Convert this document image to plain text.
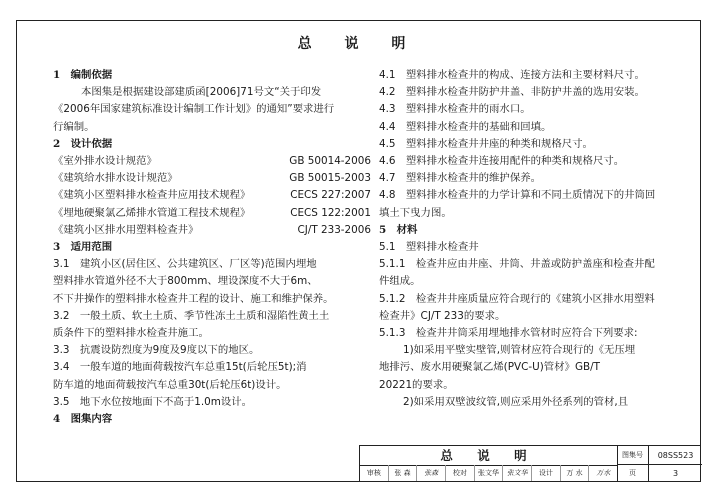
总 说 明
1　编制依据
本图集是根据建设部建质函[2006]71号文“关于印发
《2006年国家建筑标准设计编制工作计划》的通知”要求进行
行编制。
2　设计依据
《室外排水设计规范》	GB 50014-2006
《建筑给水排水设计规范》	GB 50015-2003
《建筑小区塑料排水检查井应用技术规程》	CECS 227:2007
《埋地硬聚氯乙烯排水管道工程技术规程》	CECS 122:2001
《建筑小区排水用塑料检查井》	CJ/T 233-2006
3　适用范围
3.1　建筑小区(居住区、公共建筑区、厂区等)范围内埋地
塑料排水管道外径不大于800mm、埋设深度不大于6m、
不下井操作的塑料排水检查井工程的设计、施工和维护保养。
3.2　一般土质、软土土质、季节性冻土土质和湿陷性黄土土
质条件下的塑料排水检查井施工。
3.3　抗震设防烈度为9度及9度以下的地区。
3.4　一般车道的地面荷载按汽车总重15t(后轮压5t);消
防车道的地面荷载按汽车总重30t(后轮压6t)设计。
3.5　地下水位按地面下不高于1.0m设计。
4　图集内容
4.1　塑料排水检查井的构成、连接方法和主要材料尺寸。
4.2　塑料排水检查井防护井盖、非防护井盖的选用安装。
4.3　塑料排水检查井的雨水口。
4.4　塑料排水检查井的基础和回填。
4.5　塑料排水检查井井座的种类和规格尺寸。
4.6　塑料排水检查井连接用配件的种类和规格尺寸。
4.7　塑料排水检查井的维护保养。
4.8　塑料排水检查井的力学计算和不同土质情况下的井筒回
填土下曳力图。
5　材料
5.1　塑料排水检查井
5.1.1　检查井应由井座、井筒、井盖或防护盖座和检查井配
件组成。
5.1.2　检查井井座质量应符合现行的《建筑小区排水用塑料
检查井》CJ/T 233的要求。
5.1.3　检查井井筒采用埋地排水管材时应符合下列要求:
1)如采用平壁实壁管,则管材应符合现行的《无压埋
地排污、废水用硬聚氯乙烯(PVC-U)管材》GB/T
20221的要求。
2)如采用双壁波纹管,则应采用外径系列的管材,且
总 说 明	图集号	08SS523
审核	张 森	张森	校对	张文华	张文华	设计	万 水	万水	页	3
